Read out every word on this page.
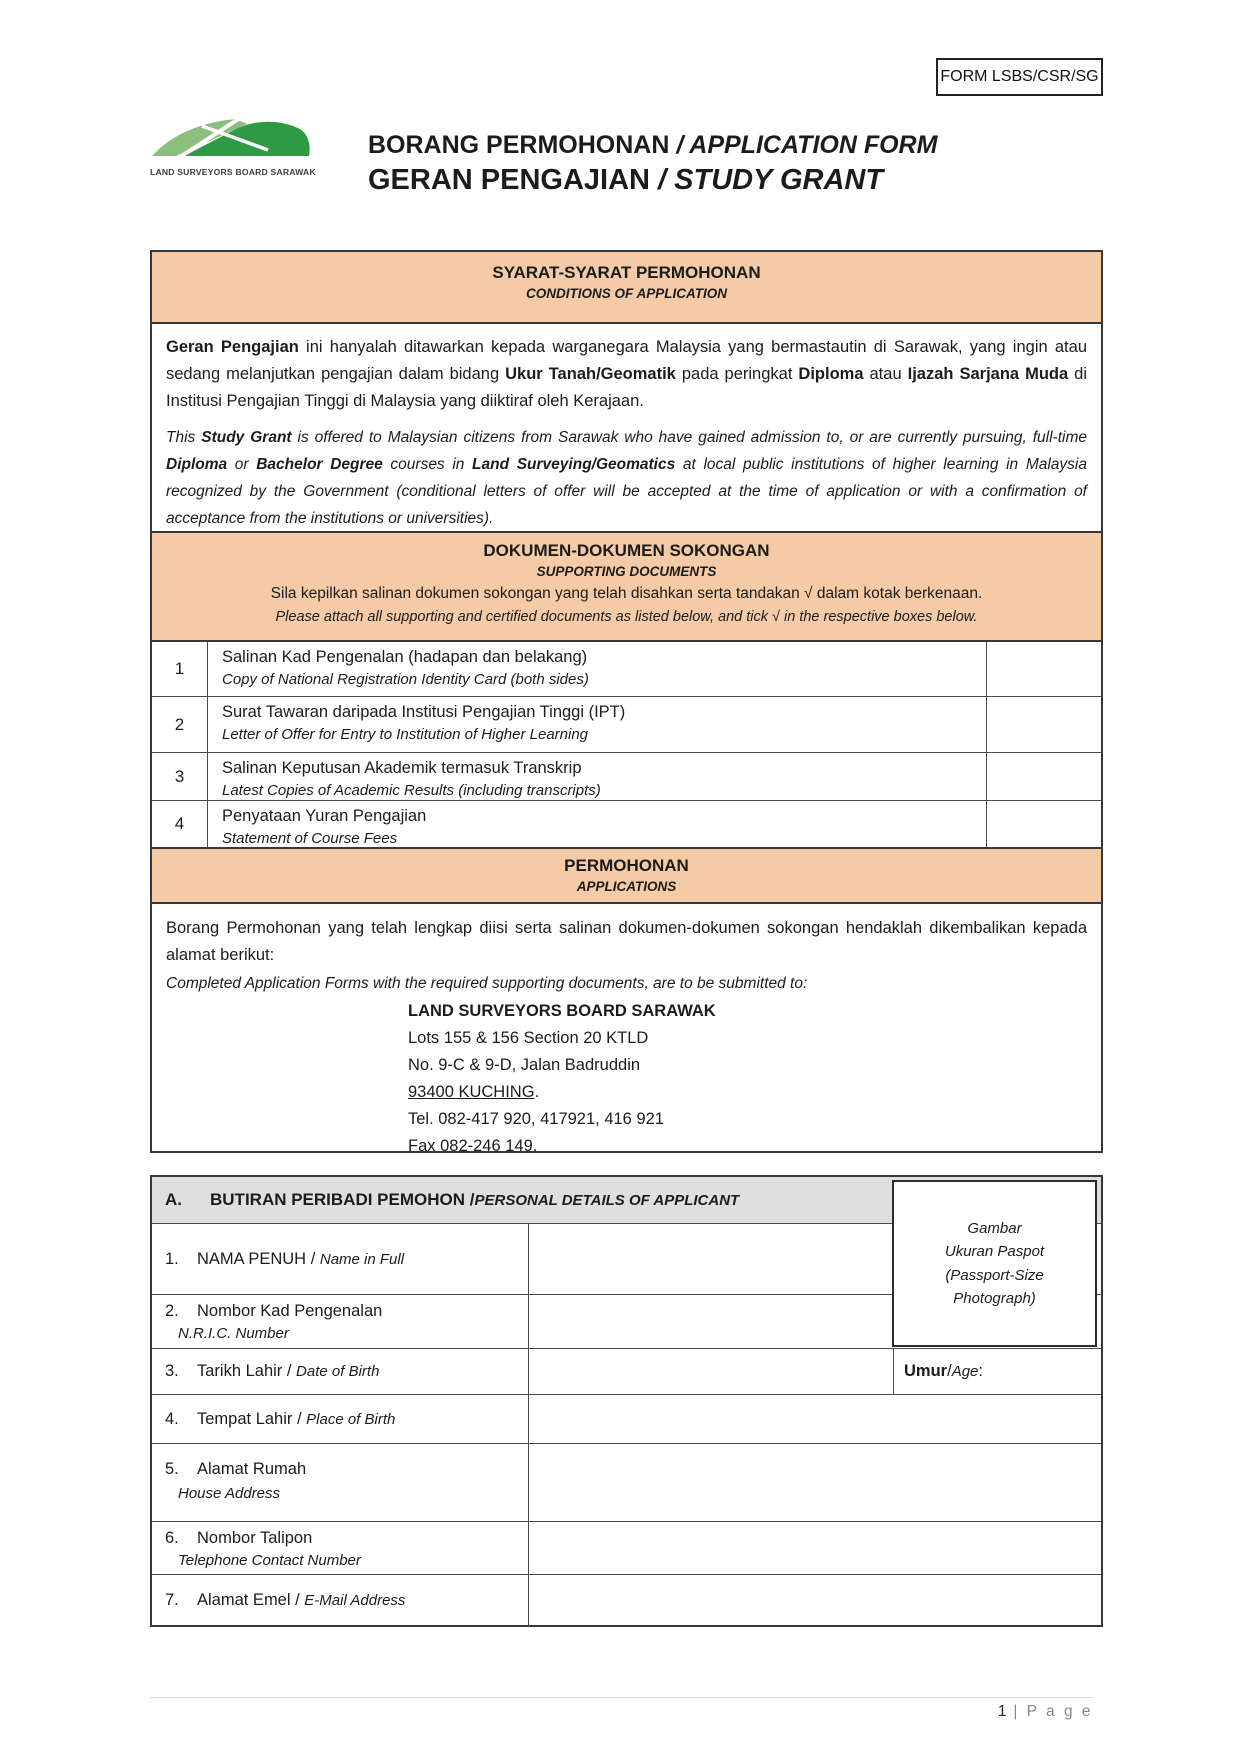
FORM LSBS/CSR/SG
LAND SURVEYORS BOARD SARAWAK
BORANG PERMOHONAN / APPLICATION FORM
GERAN PENGAJIAN / STUDY GRANT
SYARAT-SYARAT PERMOHONAN
CONDITIONS OF APPLICATION
Geran Pengajian ini hanyalah ditawarkan kepada warganegara Malaysia yang bermastautin di Sarawak, yang ingin atau sedang melanjutkan pengajian dalam bidang Ukur Tanah/Geomatik pada peringkat Diploma atau Ijazah Sarjana Muda di Institusi Pengajian Tinggi di Malaysia yang diiktiraf oleh Kerajaan.
This Study Grant is offered to Malaysian citizens from Sarawak who have gained admission to, or are currently pursuing, full-time Diploma or Bachelor Degree courses in Land Surveying/Geomatics at local public institutions of higher learning in Malaysia recognized by the Government (conditional letters of offer will be accepted at the time of application or with a confirmation of acceptance from the institutions or universities).
DOKUMEN-DOKUMEN SOKONGAN
SUPPORTING DOCUMENTS
Sila kepilkan salinan dokumen sokongan yang telah disahkan serta tandakan √ dalam kotak berkenaan.
Please attach all supporting and certified documents as listed below, and tick √ in the respective boxes below.
1
Salinan Kad Pengenalan (hadapan dan belakang)
Copy of National Registration Identity Card (both sides)
2
Surat Tawaran daripada Institusi Pengajian Tinggi (IPT)
Letter of Offer for Entry to Institution of Higher Learning
3	Salinan Keputusan Akademik termasuk Transkrip
Latest Copies of Academic Results (including transcripts)
4	Penyataan Yuran Pengajian
Statement of Course Fees
PERMOHONAN
APPLICATIONS
Borang Permohonan yang telah lengkap diisi serta salinan dokumen-dokumen sokongan hendaklah dikembalikan kepada alamat berikut:
Completed Application Forms with the required supporting documents, are to be submitted to:
LAND SURVEYORS BOARD SARAWAK
Lots 155 & 156 Section 20 KTLD
No. 9-C & 9-D, Jalan Badruddin
93400 KUCHING.
Tel. 082-417 920, 417921, 416 921
Fax 082-246 149.
A.	BUTIRAN PERIBADI PEMOHON
/ PERSONAL DETAILS OF APPLICANT
1. NAMA PENUH / Name in Full
2. Nombor Kad Pengenalan
N.R.I.C. Number
3. Tarikh Lahir / Date of Birth	Umur / Age :
4. Tempat Lahir / Place of Birth
5. Alamat Rumah
House Address
6. Nombor Talipon
Telephone Contact Number
7. Alamat Emel / E-Mail Address
Gambar
Ukuran Paspot
(Passport-Size
Photograph)
1 | P a g e
